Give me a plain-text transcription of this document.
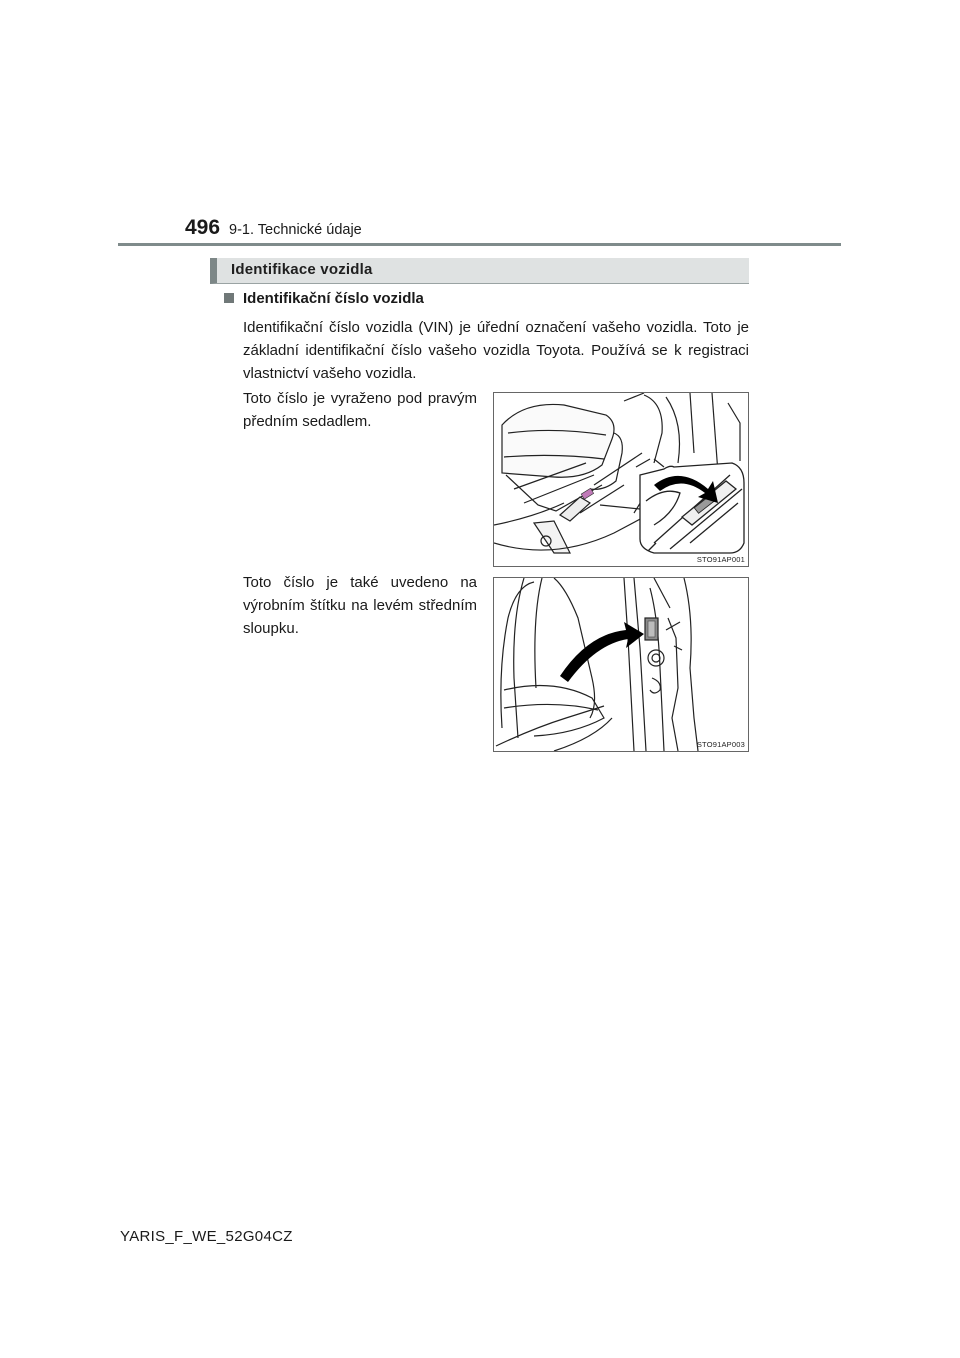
496 9-1. Technické údaje
Identifikace vozidla
Identifikační číslo vozidla
Identifikační číslo vozidla (VIN) je úřední označení vašeho vozidla. Toto je základní identifikační číslo vašeho vozidla Toyota. Používá se k registraci vlastnictví vašeho vozidla.
Toto číslo je vyraženo pod pravým předním sedadlem.
STO91AP001
Toto číslo je také uvedeno na výrobním štítku na levém středním sloupku.
STO91AP003
YARIS_F_WE_52G04CZ
